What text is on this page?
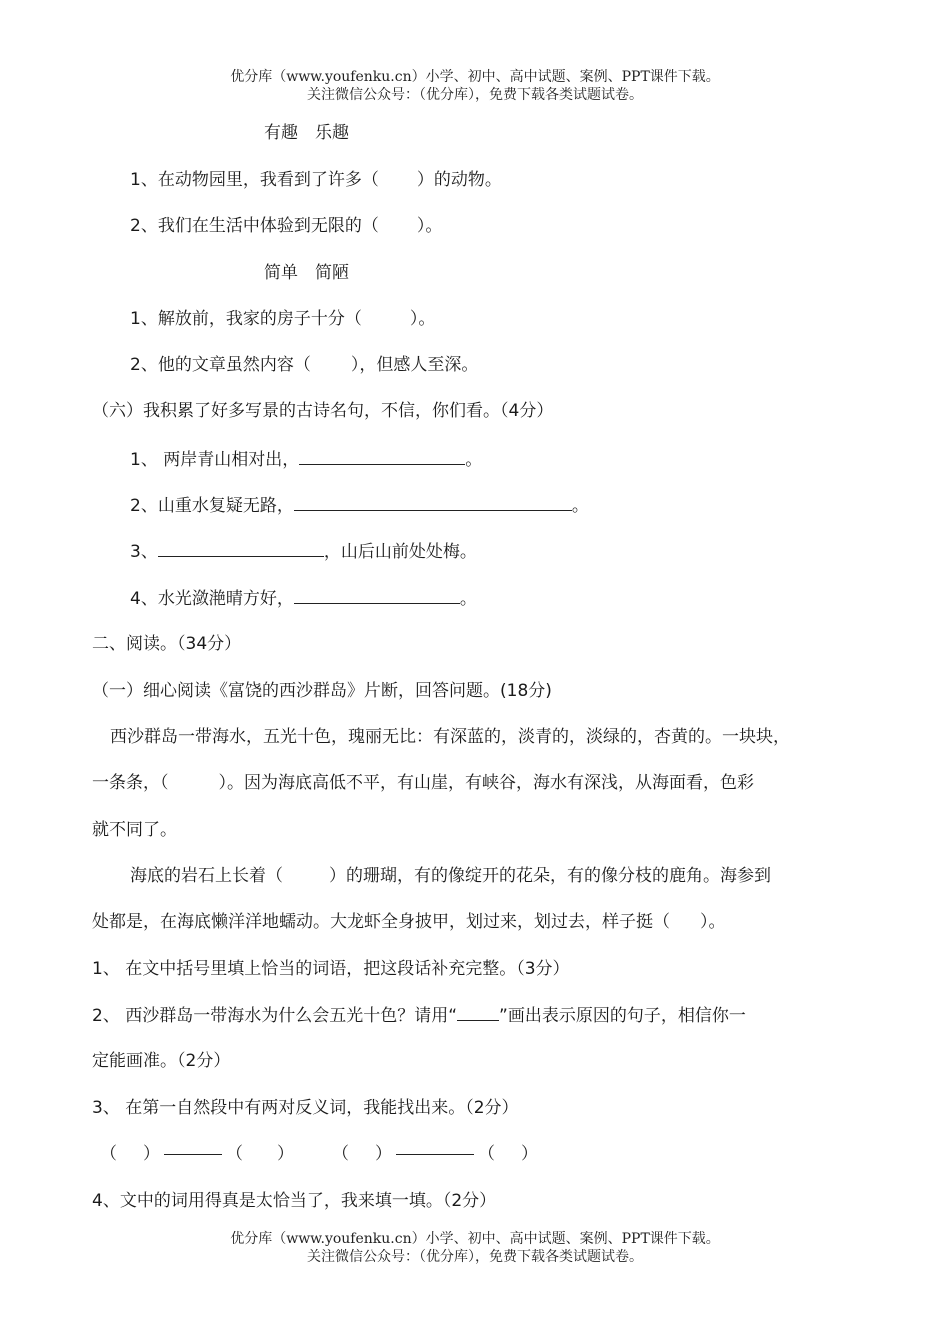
优分库（www.youfenku.cn）小学、初中、高中试题、案例、PPT课件下载。
关注微信公众号：（优分库），免费下载各类试题试卷。
有趣　乐趣
1、在动物园里，我看到了许多（ ）的动物。
2、我们在生活中体验到无限的（ ）。
简单　简陋
1、解放前，我家的房子十分（	）。
2、他的文章虽然内容（ ），但感人至深。
（六）我积累了好多写景的古诗名句，不信，你们看。（4分）
1、 两岸青山相对出，	。
2、山重水复疑无路，	。
3、	，山后山前处处梅。
4、水光潋滟晴方好，	。
二、阅读。（34分）
（一）细心阅读《富饶的西沙群岛》片断，回答问题。(18分)
西沙群岛一带海水，五光十色，瑰丽无比：有深蓝的，淡青的，淡绿的，杏黄的。一块块，
一条条，（	）。因为海底高低不平，有山崖，有峡谷，海水有深浅，从海面看，色彩
就不同了。
海底的岩石上长着（	）的珊瑚，有的像绽开的花朵，有的像分枝的鹿角。海参到
处都是，在海底懒洋洋地蠕动。大龙虾全身披甲，划过来，划过去，样子挺（ ）。
1、 在文中括号里填上恰当的词语，把这段话补充完整。（3分）
2、 西沙群岛一带海水为什么会五光十色？请用“ ”画出表示原因的句子，相信你一
定能画准。（2分）
3、 在第一自然段中有两对反义词，我能找出来。（2分）
（ ）	（ ） （ ）	（ ）
4、文中的词用得真是太恰当了，我来填一填。（2分）
优分库（www.youfenku.cn）小学、初中、高中试题、案例、PPT课件下载。
关注微信公众号：（优分库），免费下载各类试题试卷。
